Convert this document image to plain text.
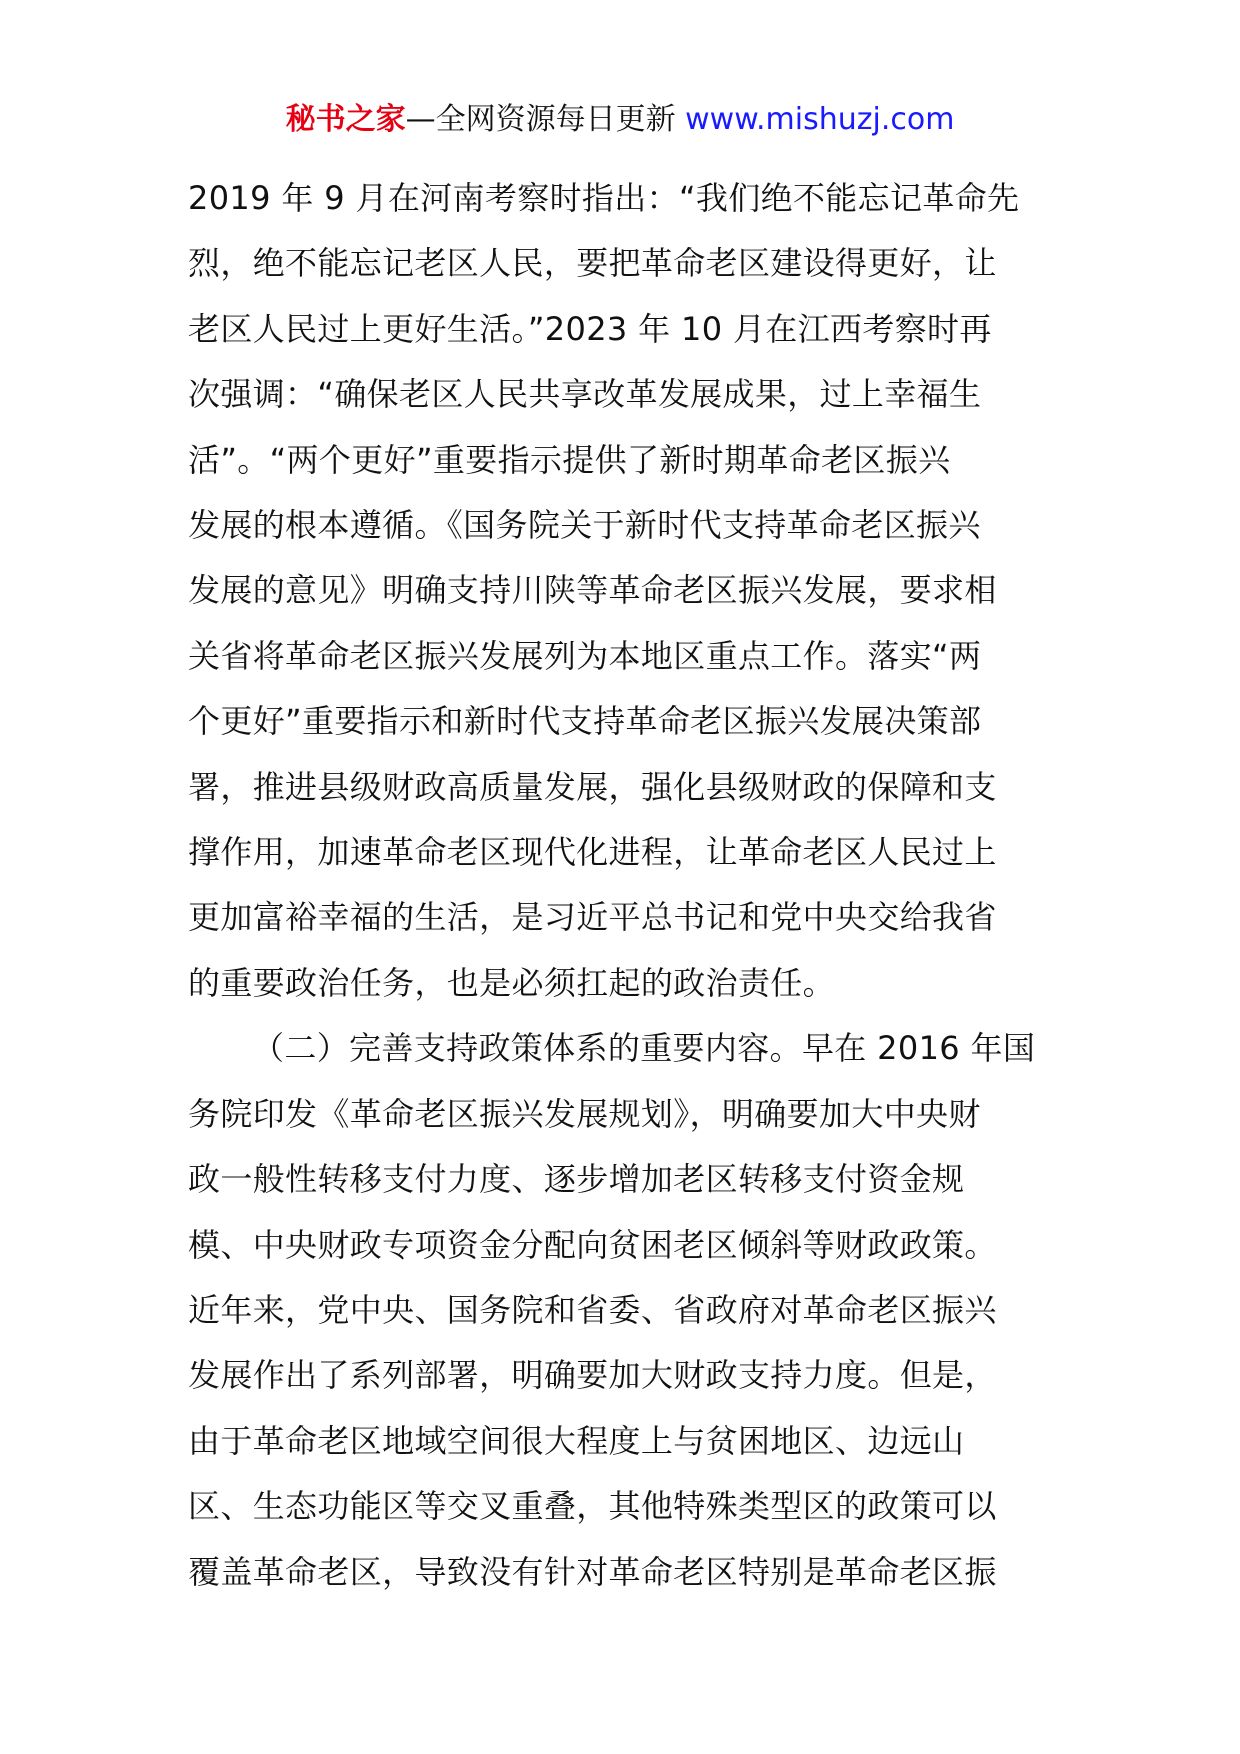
秘书之家—全网资源每日更新 www.mishuzj.com
2019 年 9 月在河南考察时指出：“我们绝不能忘记革命先
烈，绝不能忘记老区人民，要把革命老区建设得更好，让
老区人民过上更好生活。”2023 年 10 月在江西考察时再
次强调：“确保老区人民共享改革发展成果，过上幸福生
活”。“两个更好”重要指示提供了新时期革命老区振兴
发展的根本遵循。《国务院关于新时代支持革命老区振兴
发展的意见》明确支持川陕等革命老区振兴发展，要求相
关省将革命老区振兴发展列为本地区重点工作。落实“两
个更好”重要指示和新时代支持革命老区振兴发展决策部
署，推进县级财政高质量发展，强化县级财政的保障和支
撑作用，加速革命老区现代化进程，让革命老区人民过上
更加富裕幸福的生活，是习近平总书记和党中央交给我省
的重要政治任务，也是必须扛起的政治责任。
（二）完善支持政策体系的重要内容。早在 2016 年国
务院印发《革命老区振兴发展规划》，明确要加大中央财
政一般性转移支付力度、逐步增加老区转移支付资金规
模、中央财政专项资金分配向贫困老区倾斜等财政政策。
近年来，党中央、国务院和省委、省政府对革命老区振兴
发展作出了系列部署，明确要加大财政支持力度。但是，
由于革命老区地域空间很大程度上与贫困地区、边远山
区、生态功能区等交叉重叠，其他特殊类型区的政策可以
覆盖革命老区，导致没有针对革命老区特别是革命老区振
